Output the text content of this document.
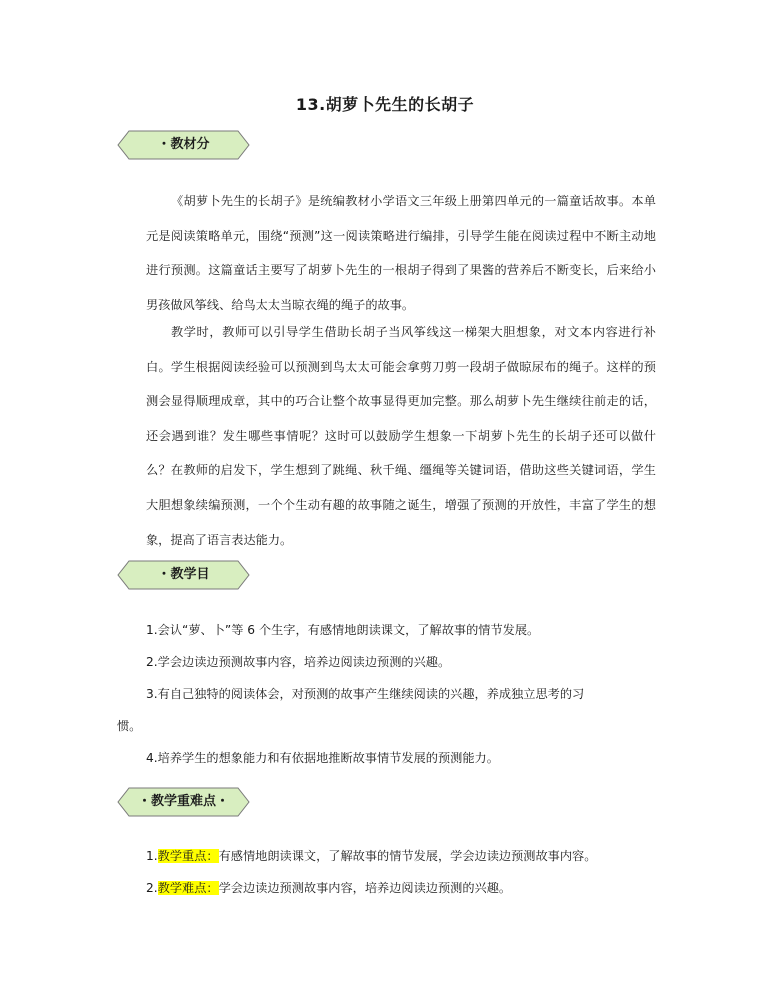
13.胡萝卜先生的长胡子
・教材分

《胡萝卜先生的长胡子》是统编教材小学语文三年级上册第四单元的一篇童话故事。本单元是阅读策略单元，围绕“预测”这一阅读策略进行编排，引导学生能在阅读过程中不断主动地进行预测。这篇童话主要写了胡萝卜先生的一根胡子得到了果酱的营养后不断变长，后来给小男孩做风筝线、给鸟太太当晾衣绳的绳子的故事。

教学时，教师可以引导学生借助长胡子当风筝线这一梯架大胆想象，对文本内容进行补白。学生根据阅读经验可以预测到鸟太太可能会拿剪刀剪一段胡子做晾尿布的绳子。这样的预测会显得顺理成章，其中的巧合让整个故事显得更加完整。那么胡萝卜先生继续往前走的话，还会遇到谁？发生哪些事情呢？这时可以鼓励学生想象一下胡萝卜先生的长胡子还可以做什么？在教师的启发下，学生想到了跳绳、秋千绳、缰绳等关键词语，借助这些关键词语，学生大胆想象续编预测，一个个生动有趣的故事随之诞生，增强了预测的开放性，丰富了学生的想象，提高了语言表达能力。

・教学目

1.会认“萝、卜”等 6 个生字，有感情地朗读课文，了解故事的情节发展。

2.学会边读边预测故事内容，培养边阅读边预测的兴趣。

3.有自己独特的阅读体会，对预测的故事产生继续阅读的兴趣，养成独立思考的习

惯。

4.培养学生的想象能力和有依据地推断故事情节发展的预测能力。

・教学重难点・

1.教学重点：有感情地朗读课文，了解故事的情节发展，学会边读边预测故事内容。

2.教学难点：学会边读边预测故事内容，培养边阅读边预测的兴趣。
